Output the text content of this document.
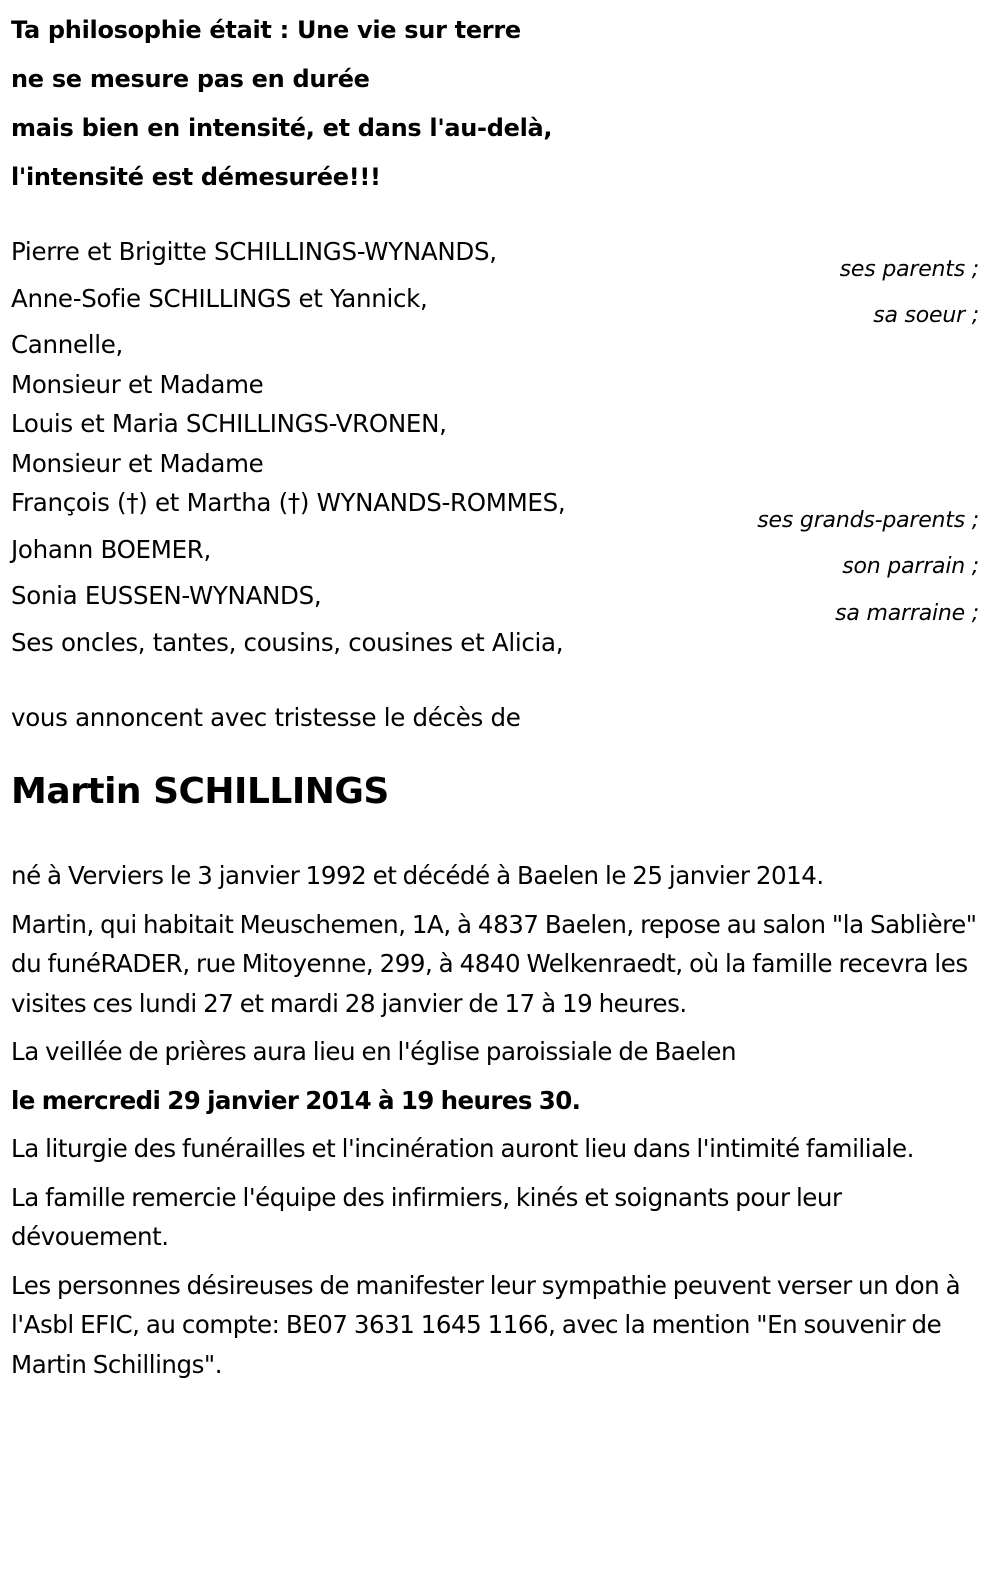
Ta philosophie était : Une vie sur terre
ne se mesure pas en durée
mais bien en intensité, et dans l'au-delà,
l'intensité est démesurée!!!
Pierre et Brigitte SCHILLINGS-WYNANDS,
ses parents ;
Anne-Sofie SCHILLINGS et Yannick,
sa soeur ;
Cannelle,
Monsieur et Madame
Louis et Maria SCHILLINGS-VRONEN,
Monsieur et Madame
François (†) et Martha (†) WYNANDS-ROMMES,
ses grands-parents ;
Johann BOEMER,
son parrain ;
Sonia EUSSEN-WYNANDS,
sa marraine ;
Ses oncles, tantes, cousins, cousines et Alicia,
vous annoncent avec tristesse le décès de
Martin SCHILLINGS

né à Verviers le 3 janvier 1992 et décédé à Baelen le 25 janvier 2014.

Martin, qui habitait Meuschemen, 1A, à 4837 Baelen, repose au salon "la Sablière" du funéRADER, rue Mitoyenne, 299, à 4840 Welkenraedt, où la famille recevra les visites ces lundi 27 et mardi 28 janvier de 17 à 19 heures.

La veillée de prières aura lieu en l'église paroissiale de Baelen

le mercredi 29 janvier 2014 à 19 heures 30.

La liturgie des funérailles et l'incinération auront lieu dans l'intimité familiale.

La famille remercie l'équipe des infirmiers, kinés et soignants pour leur dévouement.

Les personnes désireuses de manifester leur sympathie peuvent verser un don à l'Asbl EFIC, au compte: BE07 3631 1645 1166, avec la mention "En souvenir de Martin Schillings".
